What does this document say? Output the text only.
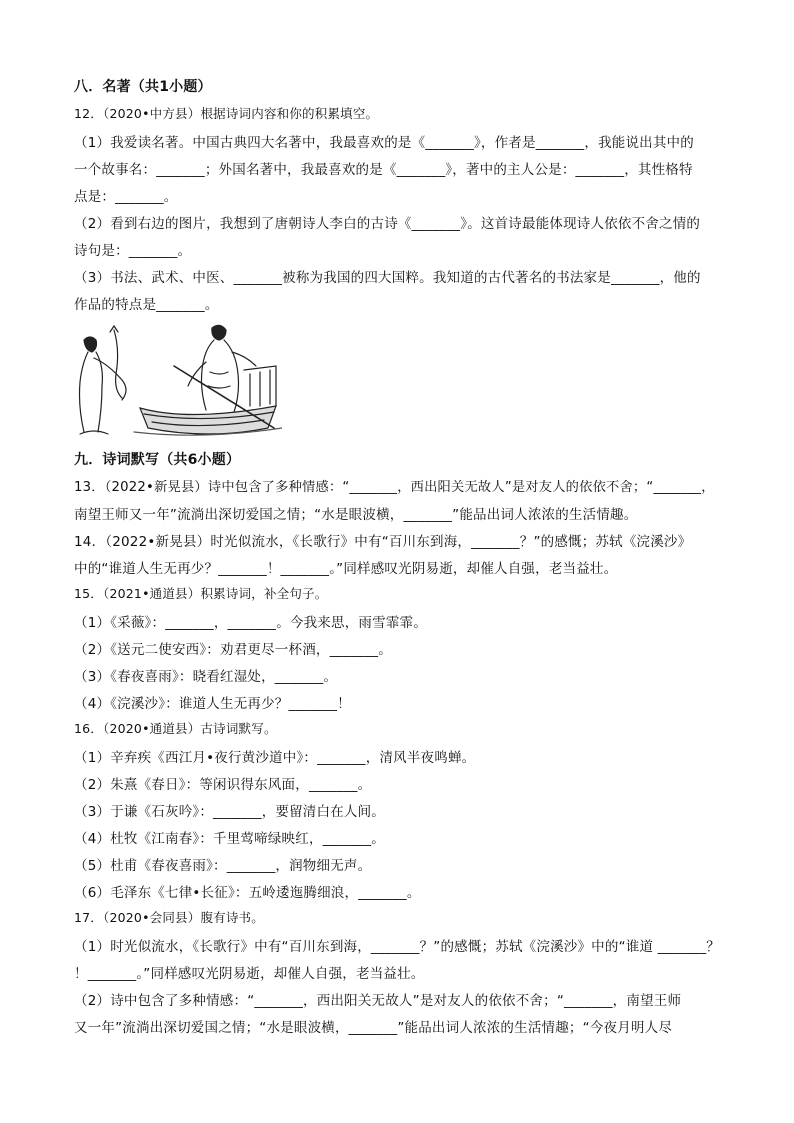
八．名著（共1小题）
12．（2020•中方县）根据诗词内容和你的积累填空。
（1）我爱读名著。中国古典四大名著中，我最喜欢的是《_______》，作者是_______，我能说出其中的
一个故事名：_______；外国名著中，我最喜欢的是《_______》，著中的主人公是：_______，其性格特
点是：_______。
（2）看到右边的图片，我想到了唐朝诗人李白的古诗《_______》。这首诗最能体现诗人依依不舍之情的
诗句是：_______。
（3）书法、武术、中医、_______被称为我国的四大国粹。我知道的古代著名的书法家是_______，他的
作品的特点是_______。
九．诗词默写（共6小题）
13．（2022•新晃县）诗中包含了多种情感：“_______，西出阳关无故人”是对友人的依依不舍；“_______，
南望王师又一年”流淌出深切爱国之情；“水是眼波横，_______”能品出词人浓浓的生活情趣。
14．（2022•新晃县）时光似流水，《长歌行》中有“百川东到海，_______？”的感慨；苏轼《浣溪沙》
中的“谁道人生无再少？_______！_______。”同样感叹光阴易逝，却催人自强，老当益壮。
15．（2021•通道县）积累诗词，补全句子。
（1）《采薇》：_______，_______。今我来思，雨雪霏霏。
（2）《送元二使安西》：劝君更尽一杯酒，_______。
（3）《春夜喜雨》：晓看红湿处，_______。
（4）《浣溪沙》：谁道人生无再少？_______！
16．（2020•通道县）古诗词默写。
（1）辛弃疾《西江月•夜行黄沙道中》：_______，清风半夜鸣蝉。
（2）朱熹《春日》：等闲识得东风面，_______。
（3）于谦《石灰吟》：_______，要留清白在人间。
（4）杜牧《江南春》：千里莺啼绿映红，_______。
（5）杜甫《春夜喜雨》：_______，润物细无声。
（6）毛泽东《七律•长征》：五岭逶迤腾细浪，_______。
17．（2020•会同县）腹有诗书。
（1）时光似流水，《长歌行》中有“百川东到海，_______？”的感慨；苏轼《浣溪沙》中的“谁道 _______？
！_______。”同样感叹光阴易逝，却催人自强，老当益壮。
（2）诗中包含了多种情感：“_______，西出阳关无故人”是对友人的依依不舍；“_______，南望王师
又一年”流淌出深切爱国之情；“水是眼波横，_______”能品出词人浓浓的生活情趣；“今夜月明人尽
